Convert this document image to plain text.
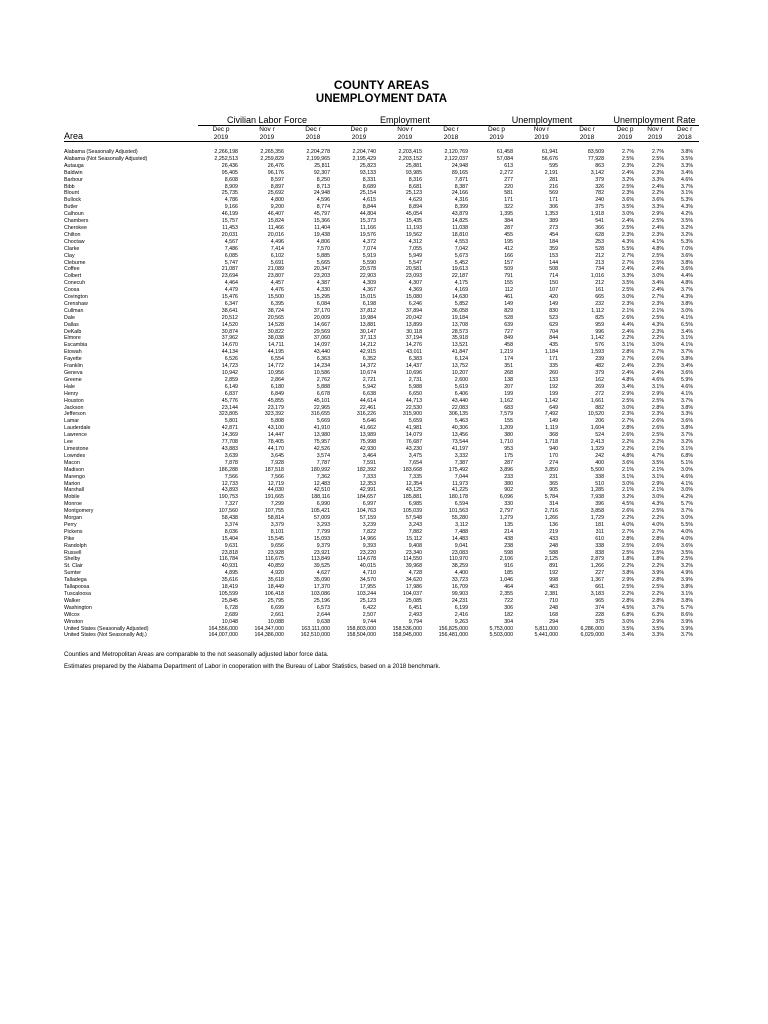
COUNTY AREAS
UNEMPLOYMENT DATA
	Civilian Labor Force			Employment			Unemployment			Unemployment Rate		
Area	Dec p	Nov r	Dec r	Dec p	Nov r	Dec r	Dec p	Nov r	Dec r	Dec p	Nov r	Dec r
	2019	2019	2018	2019	2019	2018	2019	2019	2018	2019	2019	2018
Alabama (Seasonally Adjusted)	2,266,198	2,265,356	2,204,278	2,204,740	2,203,415	2,120,769	61,458	61,941	83,509	2.7%	2.7%	3.8%
Alabama (Not Seasonally Adjusted)	2,252,513	2,259,829	2,199,965	2,195,429	2,203,152	2,122,037	57,084	56,676	77,928	2.5%	2.5%	3.5%
Autauga	26,436	26,476	25,811	25,823	25,881	24,948	613	595	863	2.3%	2.2%	3.3%
Baldwin	95,405	96,176	92,307	93,133	93,985	89,165	2,272	2,191	3,142	2.4%	2.3%	3.4%
Barbour	8,608	8,597	8,250	8,331	8,316	7,871	277	281	379	3.2%	3.3%	4.6%
Bibb	8,909	8,897	8,713	8,689	8,681	8,387	220	216	326	2.5%	2.4%	3.7%
Blount	25,735	25,692	24,948	25,154	25,123	24,166	581	569	782	2.3%	2.2%	3.1%
Bullock	4,786	4,800	4,596	4,615	4,629	4,316	171	171	240	3.6%	3.6%	5.3%
Butler	9,166	9,200	8,774	8,844	8,894	8,399	322	306	375	3.5%	3.3%	4.3%
Calhoun	46,199	46,407	45,797	44,804	45,054	43,879	1,395	1,353	1,918	3.0%	2.9%	4.2%
Chambers	15,757	15,824	15,366	15,373	15,435	14,825	384	389	541	2.4%	2.5%	3.5%
Cherokee	11,453	11,466	11,404	11,166	11,193	11,038	287	273	366	2.5%	2.4%	3.2%
Chilton	20,031	20,016	19,438	19,576	19,562	18,810	455	454	628	2.3%	2.3%	3.2%
Choctaw	4,567	4,496	4,806	4,372	4,312	4,553	195	184	253	4.3%	4.1%	5.3%
Clarke	7,486	7,414	7,570	7,074	7,055	7,042	412	359	528	5.5%	4.8%	7.0%
Clay	6,085	6,102	5,885	5,919	5,949	5,673	166	153	212	2.7%	2.5%	3.6%
Cleburne	5,747	5,691	5,665	5,590	5,547	5,452	157	144	213	2.7%	2.5%	3.8%
Coffee	21,087	21,089	20,347	20,578	20,581	19,613	509	508	734	2.4%	2.4%	3.6%
Colbert	23,694	23,807	23,203	22,903	23,093	22,187	791	714	1,016	3.3%	3.0%	4.4%
Conecuh	4,464	4,457	4,387	4,309	4,307	4,175	155	150	212	3.5%	3.4%	4.8%
Coosa	4,479	4,476	4,330	4,367	4,369	4,169	112	107	161	2.5%	2.4%	3.7%
Covington	15,476	15,500	15,295	15,015	15,080	14,630	461	420	665	3.0%	2.7%	4.3%
Crenshaw	6,347	6,395	6,084	6,198	6,246	5,852	149	149	232	2.3%	2.3%	3.8%
Cullman	38,641	38,724	37,170	37,812	37,894	36,058	829	830	1,112	2.1%	2.1%	3.0%
Dale	20,512	20,565	20,009	19,984	20,042	19,184	528	523	825	2.6%	2.5%	4.1%
Dallas	14,520	14,528	14,667	13,881	13,899	13,708	639	629	959	4.4%	4.3%	6.5%
DeKalb	30,874	30,822	29,569	30,147	30,118	28,573	727	704	996	2.4%	2.3%	3.4%
Elmore	37,962	38,038	37,060	37,113	37,194	35,918	849	844	1,142	2.2%	2.2%	3.1%
Escambia	14,670	14,711	14,097	14,212	14,276	13,521	458	435	576	3.1%	3.0%	4.1%
Etowah	44,134	44,195	43,440	42,915	43,011	41,847	1,219	1,184	1,593	2.8%	2.7%	3.7%
Fayette	6,526	6,554	6,363	6,352	6,383	6,124	174	171	239	2.7%	2.6%	3.8%
Franklin	14,723	14,772	14,234	14,372	14,437	13,752	351	335	482	2.4%	2.3%	3.4%
Geneva	10,942	10,956	10,586	10,674	10,696	10,207	268	260	379	2.4%	2.4%	3.6%
Greene	2,859	2,864	2,762	2,721	2,731	2,600	138	133	162	4.8%	4.6%	5.9%
Hale	6,149	6,180	5,888	5,942	5,988	5,619	207	192	269	3.4%	3.1%	4.6%
Henry	6,837	6,849	6,678	6,638	6,650	6,406	199	199	272	2.9%	2.9%	4.1%
Houston	45,776	45,855	45,101	44,614	44,713	43,440	1,162	1,142	1,661	2.5%	2.5%	3.7%
Jackson	23,144	23,179	22,965	22,461	22,530	22,083	683	649	882	3.0%	2.8%	3.8%
Jefferson	323,805	323,392	316,655	316,226	315,900	306,135	7,579	7,492	10,520	2.3%	2.3%	3.3%
Lamar	5,801	5,808	5,669	5,646	5,659	5,463	155	149	206	2.7%	2.6%	3.6%
Lauderdale	42,871	43,100	41,910	41,662	41,981	40,306	1,209	1,119	1,604	2.8%	2.6%	3.8%
Lawrence	14,369	14,447	13,980	13,989	14,079	13,456	380	368	524	2.6%	2.5%	3.7%
Lee	77,708	78,405	75,957	75,998	76,687	73,544	1,710	1,718	2,413	2.2%	2.2%	3.2%
Limestone	43,883	44,170	42,526	42,930	43,230	41,197	953	940	1,329	2.2%	2.1%	3.1%
Lowndes	3,639	3,645	3,574	3,464	3,475	3,332	175	170	242	4.8%	4.7%	6.8%
Macon	7,878	7,928	7,787	7,591	7,654	7,387	287	274	400	3.6%	3.5%	5.1%
Madison	186,288	187,518	180,992	182,392	183,668	175,492	3,896	3,850	5,500	2.1%	2.1%	3.0%
Marengo	7,566	7,566	7,362	7,333	7,335	7,044	233	231	338	3.1%	3.1%	4.6%
Marion	12,733	12,719	12,483	12,353	12,354	11,973	380	365	510	3.0%	2.9%	4.1%
Marshall	43,893	44,030	42,510	42,991	43,125	41,225	902	905	1,285	2.1%	2.1%	3.0%
Mobile	190,753	191,665	188,116	184,657	185,881	180,178	6,096	5,784	7,938	3.2%	3.0%	4.2%
Monroe	7,327	7,299	6,990	6,997	6,985	6,594	330	314	396	4.5%	4.3%	5.7%
Montgomery	107,560	107,755	105,421	104,763	105,039	101,563	2,797	2,716	3,858	2.6%	2.5%	3.7%
Morgan	58,438	58,814	57,009	57,159	57,548	55,280	1,279	1,266	1,729	2.2%	2.2%	3.0%
Perry	3,374	3,379	3,293	3,239	3,243	3,112	135	136	181	4.0%	4.0%	5.5%
Pickens	8,036	8,101	7,799	7,822	7,882	7,488	214	219	311	2.7%	2.7%	4.0%
Pike	15,404	15,545	15,093	14,966	15,112	14,483	438	433	610	2.8%	2.8%	4.0%
Randolph	9,631	9,656	9,379	9,393	9,408	9,041	238	248	338	2.5%	2.6%	3.6%
Russell	23,818	23,928	23,921	23,220	23,340	23,083	598	588	838	2.5%	2.5%	3.5%
Shelby	116,784	116,675	113,849	114,678	114,550	110,970	2,106	2,125	2,879	1.8%	1.8%	2.5%
St. Clair	40,931	40,859	39,525	40,015	39,968	38,259	916	891	1,266	2.2%	2.2%	3.2%
Sumter	4,895	4,920	4,627	4,710	4,728	4,400	185	192	227	3.8%	3.9%	4.9%
Talladega	35,616	35,618	35,090	34,570	34,620	33,723	1,046	998	1,367	2.9%	2.8%	3.9%
Tallapoosa	18,419	18,449	17,370	17,955	17,986	16,709	464	463	661	2.5%	2.5%	3.8%
Tuscaloosa	105,599	106,418	103,086	103,244	104,037	99,903	2,355	2,381	3,183	2.2%	2.2%	3.1%
Walker	25,845	25,795	25,196	25,123	25,085	24,231	722	710	965	2.8%	2.8%	3.8%
Washington	6,728	6,699	6,573	6,422	6,451	6,199	306	248	374	4.5%	3.7%	5.7%
Wilcox	2,689	2,661	2,644	2,507	2,493	2,416	182	168	228	6.8%	6.3%	8.6%
Winston	10,048	10,088	9,638	9,744	9,794	9,263	304	294	375	3.0%	2.9%	3.9%
United States (Seasonally Adjusted)	164,556,000	164,347,000	163,111,000	158,803,000	158,536,000	156,825,000	5,753,000	5,811,000	6,286,000	3.5%	3.5%	3.9%
United States (Not Seasonally Adj.)	164,007,000	164,386,000	162,510,000	158,504,000	158,945,000	156,481,000	5,503,000	5,441,000	6,029,000	3.4%	3.3%	3.7%
Counties and Metropolitan Areas are comparable to the not seasonally adjusted labor force data.
Estimates prepared by the Alabama Department of Labor in cooperation with the Bureau of Labor Statistics, based on a 2018 benchmark.
